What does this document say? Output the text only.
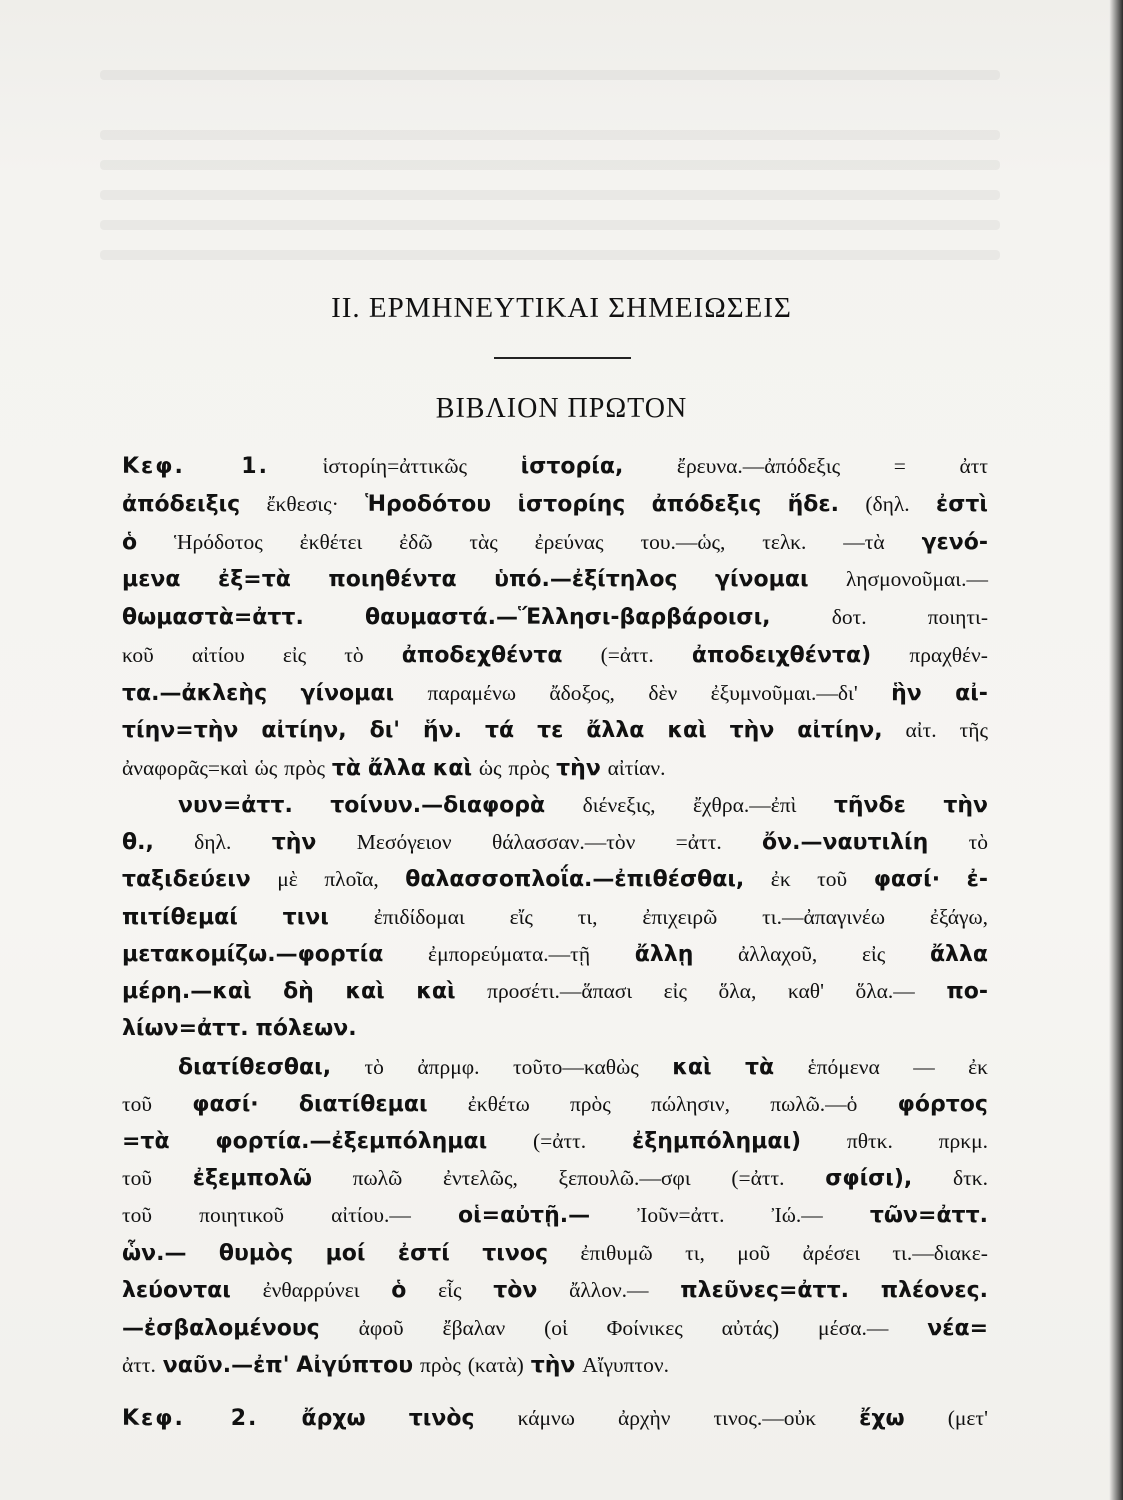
II. ΕΡΜΗΝΕΥΤΙΚΑΙ ΣΗΜΕΙΩΣΕΙΣ
ΒΙΒΛΙΟΝ ΠΡΩΤΟΝ
Κεφ. 1. ἱστορίη=ἀττικῶς ἱστορία, ἔρευνα.—ἀπόδεξις = ἀττ
ἀπόδειξις ἔκθεσις· Ἡροδότου ἱστορίης ἀπόδεξις ἥδε. (δηλ. ἐστὶ
ὁ Ἡρόδοτος ἐκθέτει ἐδῶ τὰς ἐρεύνας του.—ὡς, τελκ. —τὰ γενό-
μενα ἐξ=τὰ ποιηθέντα ὑπό.—ἐξίτηλος γίνομαι λησμονοῦμαι.—
θωμαστὰ=ἀττ.	θαυμαστά.—Ἕλλησι-βαρβάροισι,	δοτ.	ποιητι-
κοῦ αἰτίου εἰς τὸ ἀποδεχθέντα (=ἀττ. ἀποδειχθέντα) πραχθέν-
τα.—ἀκλεὴς γίνομαι παραμένω ἄδοξος, δὲν ἐξυμνοῦμαι.—δι' ἣν αἰ-
τίην=τὴν αἰτίην, δι' ἥν. τά τε ἄλλα καὶ τὴν αἰτίην, αἰτ. τῆς
ἀναφορᾶς=καὶ ὡς πρὸς τὰ ἄλλα καὶ ὡς πρὸς τὴν αἰτίαν.
νυν=ἀττ. τοίνυν.—διαφορὰ διένεξις, ἔχθρα.—ἐπὶ τῆνδε τὴν
θ., δηλ. τὴν Μεσόγειον θάλασσαν.—τὸν =ἀττ. ὄν.—ναυτιλίη τὸ
ταξιδεύειν μὲ πλοῖα, θαλασσοπλοΐα.—ἐπιθέσθαι, ἐκ τοῦ φασί· ἐ-
πιτίθεμαί τινι ἐπιδίδομαι εἴς τι, ἐπιχειρῶ τι.—ἀπαγινέω ἐξάγω,
μετακομίζω.—φορτία ἐμπορεύματα.—τῇ ἄλλῃ ἀλλαχοῦ, εἰς ἄλλα
μέρη.—καὶ δὴ καὶ καὶ προσέτι.—ἅπασι εἰς ὅλα, καθ' ὅλα.— πο-
λίων=ἀττ. πόλεων.
διατίθεσθαι, τὸ ἀπρμφ. τοῦτο—καθὼς καὶ τὰ ἑπόμενα — ἐκ
τοῦ φασί· διατίθεμαι ἐκθέτω πρὸς πώλησιν, πωλῶ.—ὁ φόρτος
=τὰ φορτία.—ἐξεμπόλημαι (=ἀττ. ἐξημπόλημαι) πθτκ. πρκμ.
τοῦ ἐξεμπολῶ πωλῶ ἐντελῶς, ξεπουλῶ.—σφι (=ἀττ. σφίσι), δτκ.
τοῦ ποιητικοῦ αἰτίου.— οἱ=αὐτῇ.— Ἰοῦν=ἀττ. Ἰώ.— τῶν=ἀττ.
ὧν.— θυμὸς μοί ἐστί τινος ἐπιθυμῶ τι, μοῦ ἀρέσει τι.—διακε-
λεύονται ἐνθαρρύνει ὁ εἷς τὸν ἄλλον.— πλεῦνες=ἀττ. πλέονες.
—ἐσβαλομένους ἀφοῦ ἔβαλαν (οἱ Φοίνικες αὐτάς) μέσα.— νέα=
ἀττ. ναῦν.—ἐπ' Αἰγύπτου πρὸς (κατὰ) τὴν Αἴγυπτον.
Κεφ. 2. ἄρχω τινὸς κάμνω ἀρχὴν τινος.—οὐκ ἔχω (μετ'
